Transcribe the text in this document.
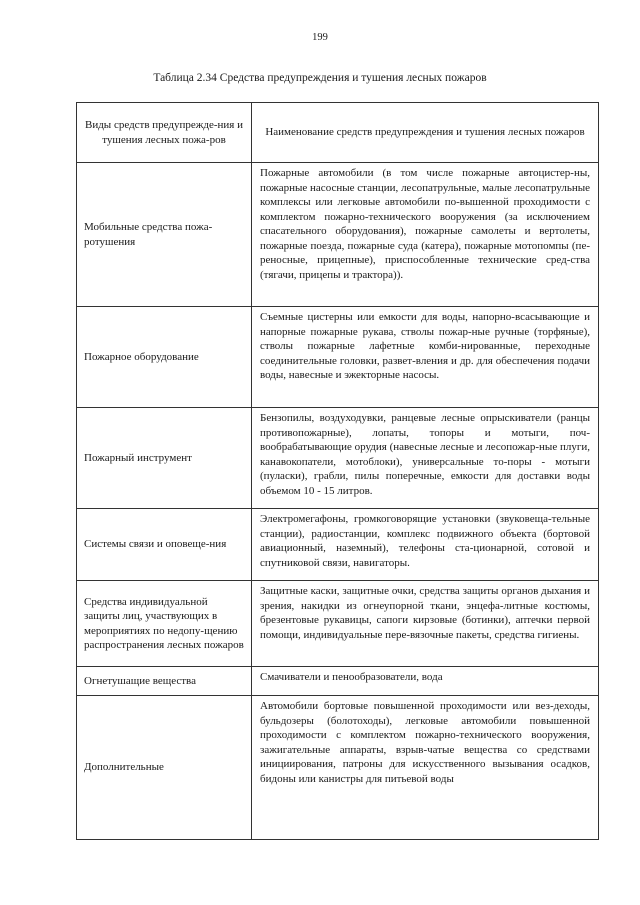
199
Таблица 2.34 Средства предупреждения и тушения лесных пожаров
Виды средств предупрежде-ния и тушения лесных пожа-ров	Наименование средств предупреждения и тушения лесных пожаров
Мобильные средства пожа-ротушения	Пожарные автомобили (в том числе пожарные автоцистер-ны, пожарные насосные станции, лесопатрульные, малые лесопатрульные комплексы или легковые автомобили по-вышенной проходимости с комплектом пожарно-технического вооружения (за исключением спасательного оборудования), пожарные самолеты и вертолеты, пожарные поезда, пожарные суда (катера), пожарные мотопомпы (пе-реносные, прицепные), приспособленные технические сред-ства (тягачи, прицепы и трактора)).
Пожарное оборудование	Съемные цистерны или емкости для воды, напорно-всасывающие и напорные пожарные рукава, стволы пожар-ные ручные (торфяные), стволы пожарные лафетные комби-нированные, переходные соединительные головки, развет-вления и др. для обеспечения подачи воды, навесные и эжекторные насосы.
Пожарный инструмент	Бензопилы, воздуходувки, ранцевые лесные опрыскиватели (ранцы противопожарные), лопаты, топоры и мотыги, поч-вообрабатывающие орудия (навесные лесные и лесопожар-ные плуги, канавокопатели, мотоблоки), универсальные то-поры - мотыги (пуласки), грабли, пилы поперечные, емкости для доставки воды объемом 10 - 15 литров.
Системы связи и оповеще-ния	Электромегафоны, громкоговорящие установки (звуковеща-тельные станции), радиостанции, комплекс подвижного объекта (бортовой авиационный, наземный), телефоны ста-ционарной, сотовой и спутниковой связи, навигаторы.
Средства индивидуальной защиты лиц, участвующих в мероприятиях по недопу-щению распространения лесных пожаров	Защитные каски, защитные очки, средства защиты органов дыхания и зрения, накидки из огнеупорной ткани, энцефа-литные костюмы, брезентовые рукавицы, сапоги кирзовые (ботинки), аптечки первой помощи, индивидуальные пере-вязочные пакеты, средства гигиены.
Огнетушащие вещества	Смачиватели и пенообразователи, вода
Дополнительные	Автомобили бортовые повышенной проходимости или вез-деходы, бульдозеры (болотоходы), легковые автомобили повышенной проходимости с комплектом пожарно-технического вооружения, зажигательные аппараты, взрыв-чатые вещества со средствами инициирования, патроны для искусственного вызывания осадков, бидоны или канистры для питьевой воды
